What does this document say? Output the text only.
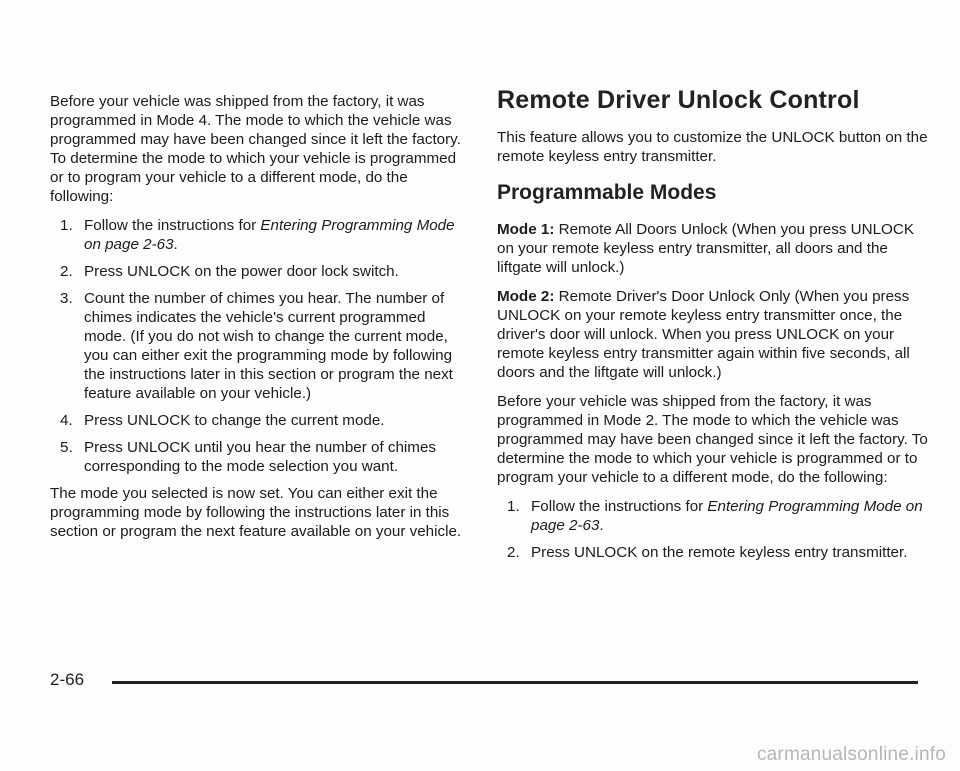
Before your vehicle was shipped from the factory, it was programmed in Mode 4. The mode to which the vehicle was programmed may have been changed since it left the factory. To determine the mode to which your vehicle is programmed or to program your vehicle to a different mode, do the following:

1. Follow the instructions for Entering Programming Mode on page 2-63.
2. Press UNLOCK on the power door lock switch.
3. Count the number of chimes you hear. The number of chimes indicates the vehicle's current programmed mode. (If you do not wish to change the current mode, you can either exit the programming mode by following the instructions later in this section or program the next feature available on your vehicle.)
4. Press UNLOCK to change the current mode.
5. Press UNLOCK until you hear the number of chimes corresponding to the mode selection you want.

The mode you selected is now set. You can either exit the programming mode by following the instructions later in this section or program the next feature available on your vehicle.

Remote Driver Unlock Control

This feature allows you to customize the UNLOCK button on the remote keyless entry transmitter.

Programmable Modes

Mode 1: Remote All Doors Unlock (When you press UNLOCK on your remote keyless entry transmitter, all doors and the liftgate will unlock.)

Mode 2: Remote Driver's Door Unlock Only (When you press UNLOCK on your remote keyless entry transmitter once, the driver's door will unlock. When you press UNLOCK on your remote keyless entry transmitter again within five seconds, all doors and the liftgate will unlock.)

Before your vehicle was shipped from the factory, it was programmed in Mode 2. The mode to which the vehicle was programmed may have been changed since it left the factory. To determine the mode to which your vehicle is programmed or to program your vehicle to a different mode, do the following:

1. Follow the instructions for Entering Programming Mode on page 2-63.
2. Press UNLOCK on the remote keyless entry transmitter.
2-66
carmanualsonline.info
